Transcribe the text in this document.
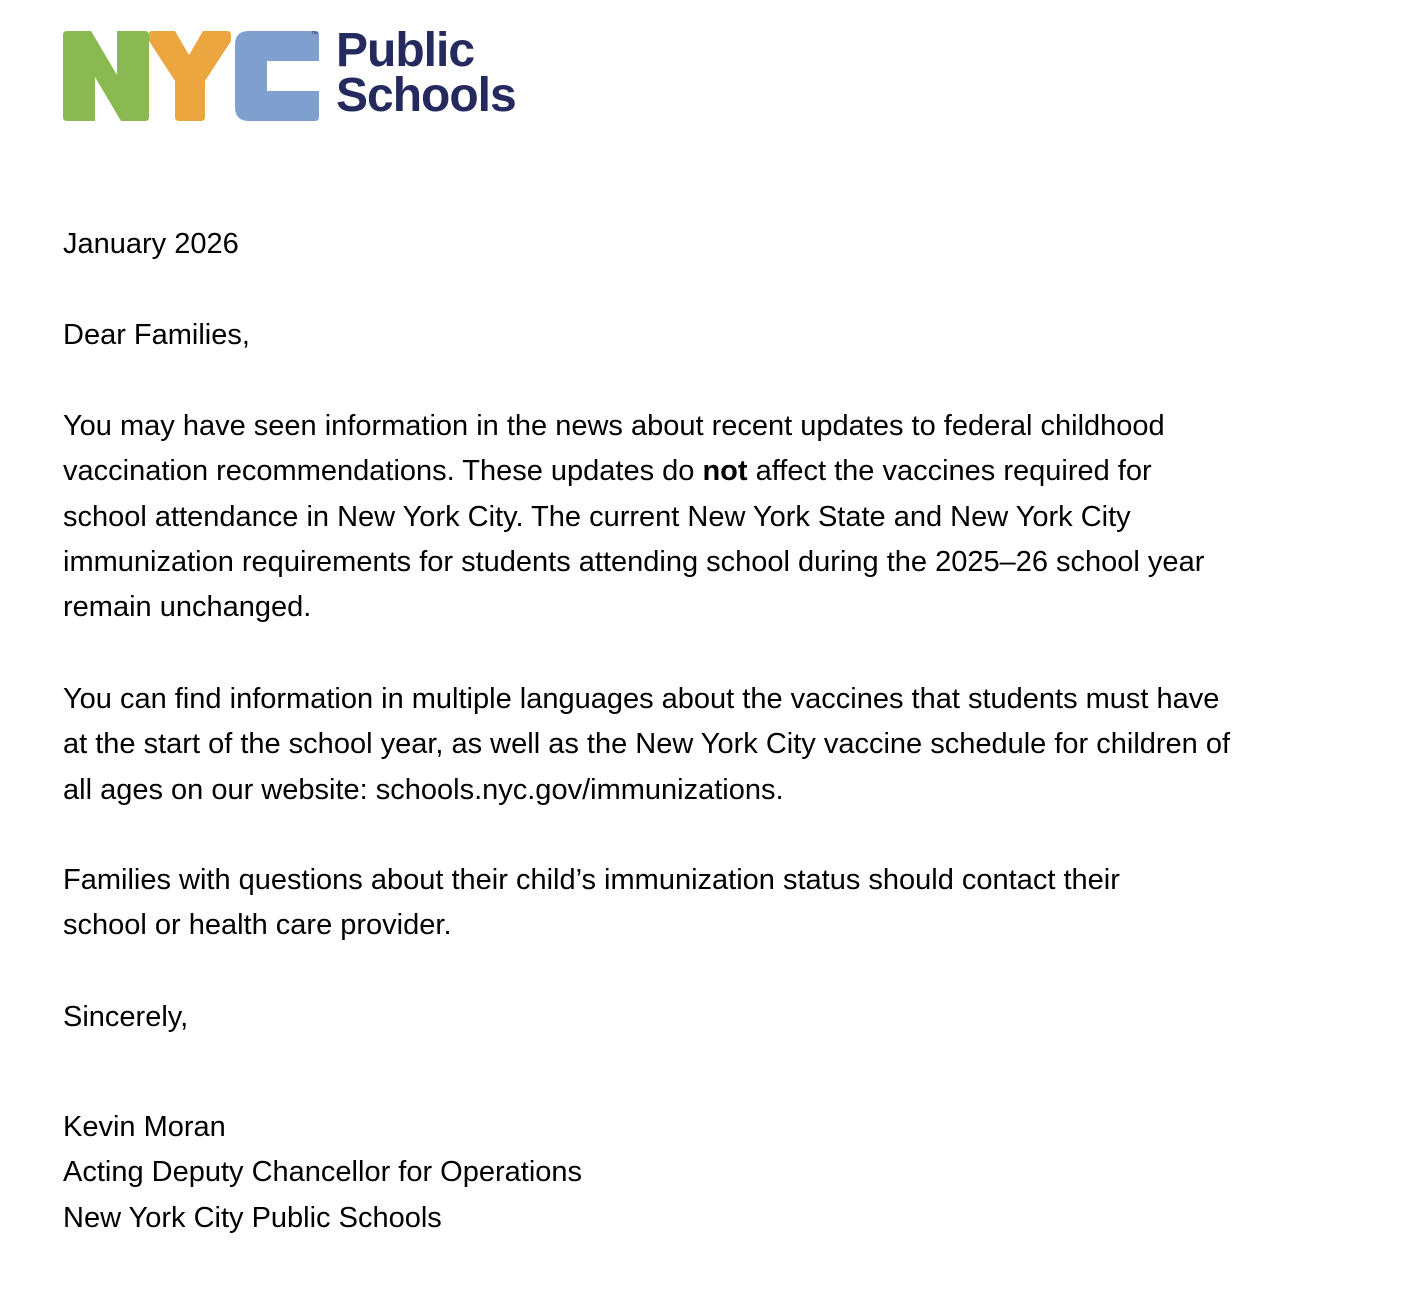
™ Public
Schools
January 2026
Dear Families,
You may have seen information in the news about recent updates to federal childhood
vaccination recommendations. These updates do not affect the vaccines required for
school attendance in New York City. The current New York State and New York City
immunization requirements for students attending school during the 2025–26 school year
remain unchanged.
You can find information in multiple languages about the vaccines that students must have
at the start of the school year, as well as the New York City vaccine schedule for children of
all ages on our website: schools.nyc.gov/immunizations.
Families with questions about their child’s immunization status should contact their
school or health care provider.
Sincerely,
Kevin Moran
Acting Deputy Chancellor for Operations
New York City Public Schools
